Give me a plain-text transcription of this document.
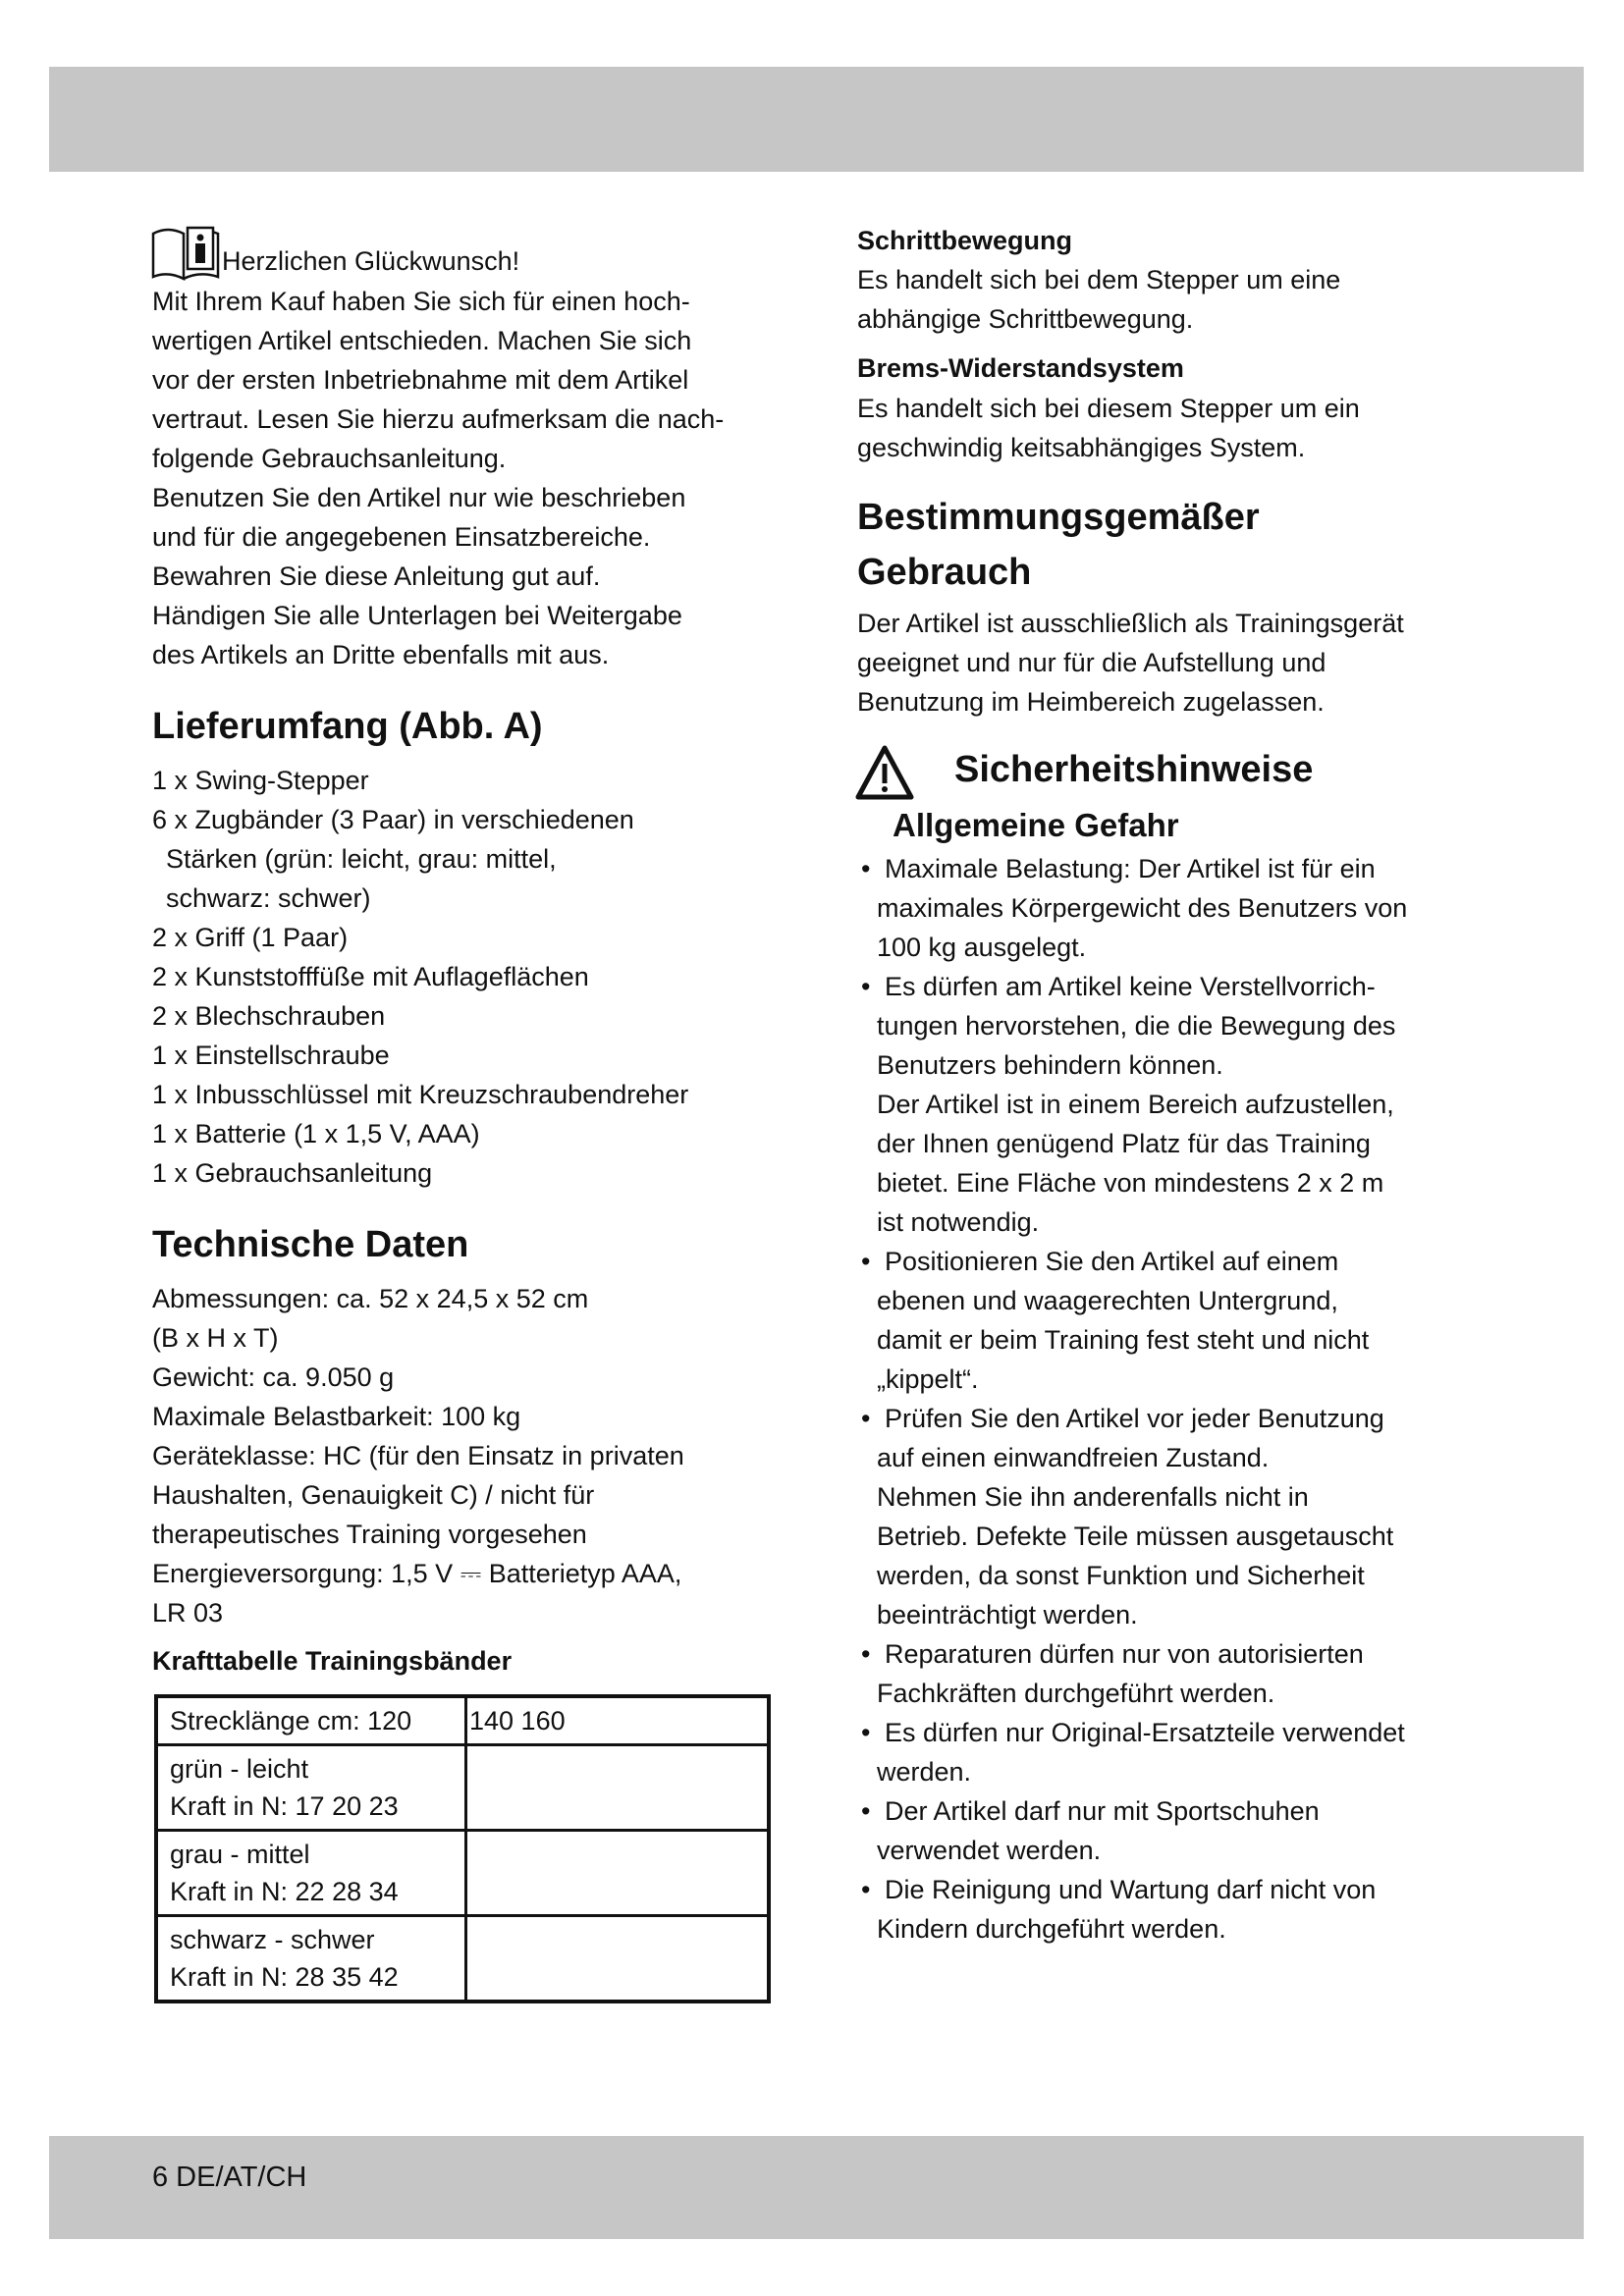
Herzlichen Glückwunsch!
Mit Ihrem Kauf haben Sie sich für einen hoch-
wertigen Artikel entschieden. Machen Sie sich
vor der ersten Inbetriebnahme mit dem Artikel
vertraut. Lesen Sie hierzu aufmerksam die nach-
folgende Gebrauchsanleitung.
Benutzen Sie den Artikel nur wie beschrieben
und für die angegebenen Einsatzbereiche.
Bewahren Sie diese Anleitung gut auf.
Händigen Sie alle Unterlagen bei Weitergabe
des Artikels an Dritte ebenfalls mit aus.
Lieferumfang (Abb. A)
1 x Swing-Stepper
6 x Zugbänder (3 Paar) in verschiedenen
Stärken (grün: leicht, grau: mittel,
schwarz: schwer)
2 x Griff (1 Paar)
2 x Kunststofffüße mit Auflageflächen
2 x Blechschrauben
1 x Einstellschraube
1 x Inbusschlüssel mit Kreuzschraubendreher
1 x Batterie (1 x 1,5 V, AAA)
1 x Gebrauchsanleitung
Technische Daten
Abmessungen: ca. 52 x 24,5 x 52 cm
(B x H x T)
Gewicht: ca. 9.050 g
Maximale Belastbarkeit: 100 kg
Geräteklasse: HC (für den Einsatz in privaten
Haushalten, Genauigkeit C) / nicht für
therapeutisches Training vorgesehen
Energieversorgung: 1,5 V ⎓ Batterietyp AAA,
LR 03
Krafttabelle Trainingsbänder
Strecklänge cm: 120	140 160

grün - leicht
Kraft in N: 17 20 23	

grau - mittel
Kraft in N: 22 28 34	

schwarz - schwer
Kraft in N: 28 35 42	

Schrittbewegung
Es handelt sich bei dem Stepper um eine
abhängige Schrittbewegung.
Brems-Widerstandsystem
Es handelt sich bei diesem Stepper um ein
geschwindig keitsabhängiges System.
Bestimmungsgemäßer
Gebrauch
Der Artikel ist ausschließlich als Trainingsgerät
geeignet und nur für die Aufstellung und
Benutzung im Heimbereich zugelassen.
Sicherheitshinweise
Allgemeine Gefahr
• Maximale Belastung: Der Artikel ist für ein
maximales Körpergewicht des Benutzers von
100 kg ausgelegt.
• Es dürfen am Artikel keine Verstellvorrich-
tungen hervorstehen, die die Bewegung des
Benutzers behindern können.
Der Artikel ist in einem Bereich aufzustellen,
der Ihnen genügend Platz für das Training
bietet. Eine Fläche von mindestens 2 x 2 m
ist notwendig.
• Positionieren Sie den Artikel auf einem
ebenen und waagerechten Untergrund,
damit er beim Training fest steht und nicht
„kippelt“.
• Prüfen Sie den Artikel vor jeder Benutzung
auf einen einwandfreien Zustand.
Nehmen Sie ihn anderenfalls nicht in
Betrieb. Defekte Teile müssen ausgetauscht
werden, da sonst Funktion und Sicherheit
beeinträchtigt werden.
• Reparaturen dürfen nur von autorisierten
Fachkräften durchgeführt werden.
• Es dürfen nur Original-Ersatzteile verwendet
werden.
• Der Artikel darf nur mit Sportschuhen
verwendet werden.
• Die Reinigung und Wartung darf nicht von
Kindern durchgeführt werden.
6 DE/AT/CH
